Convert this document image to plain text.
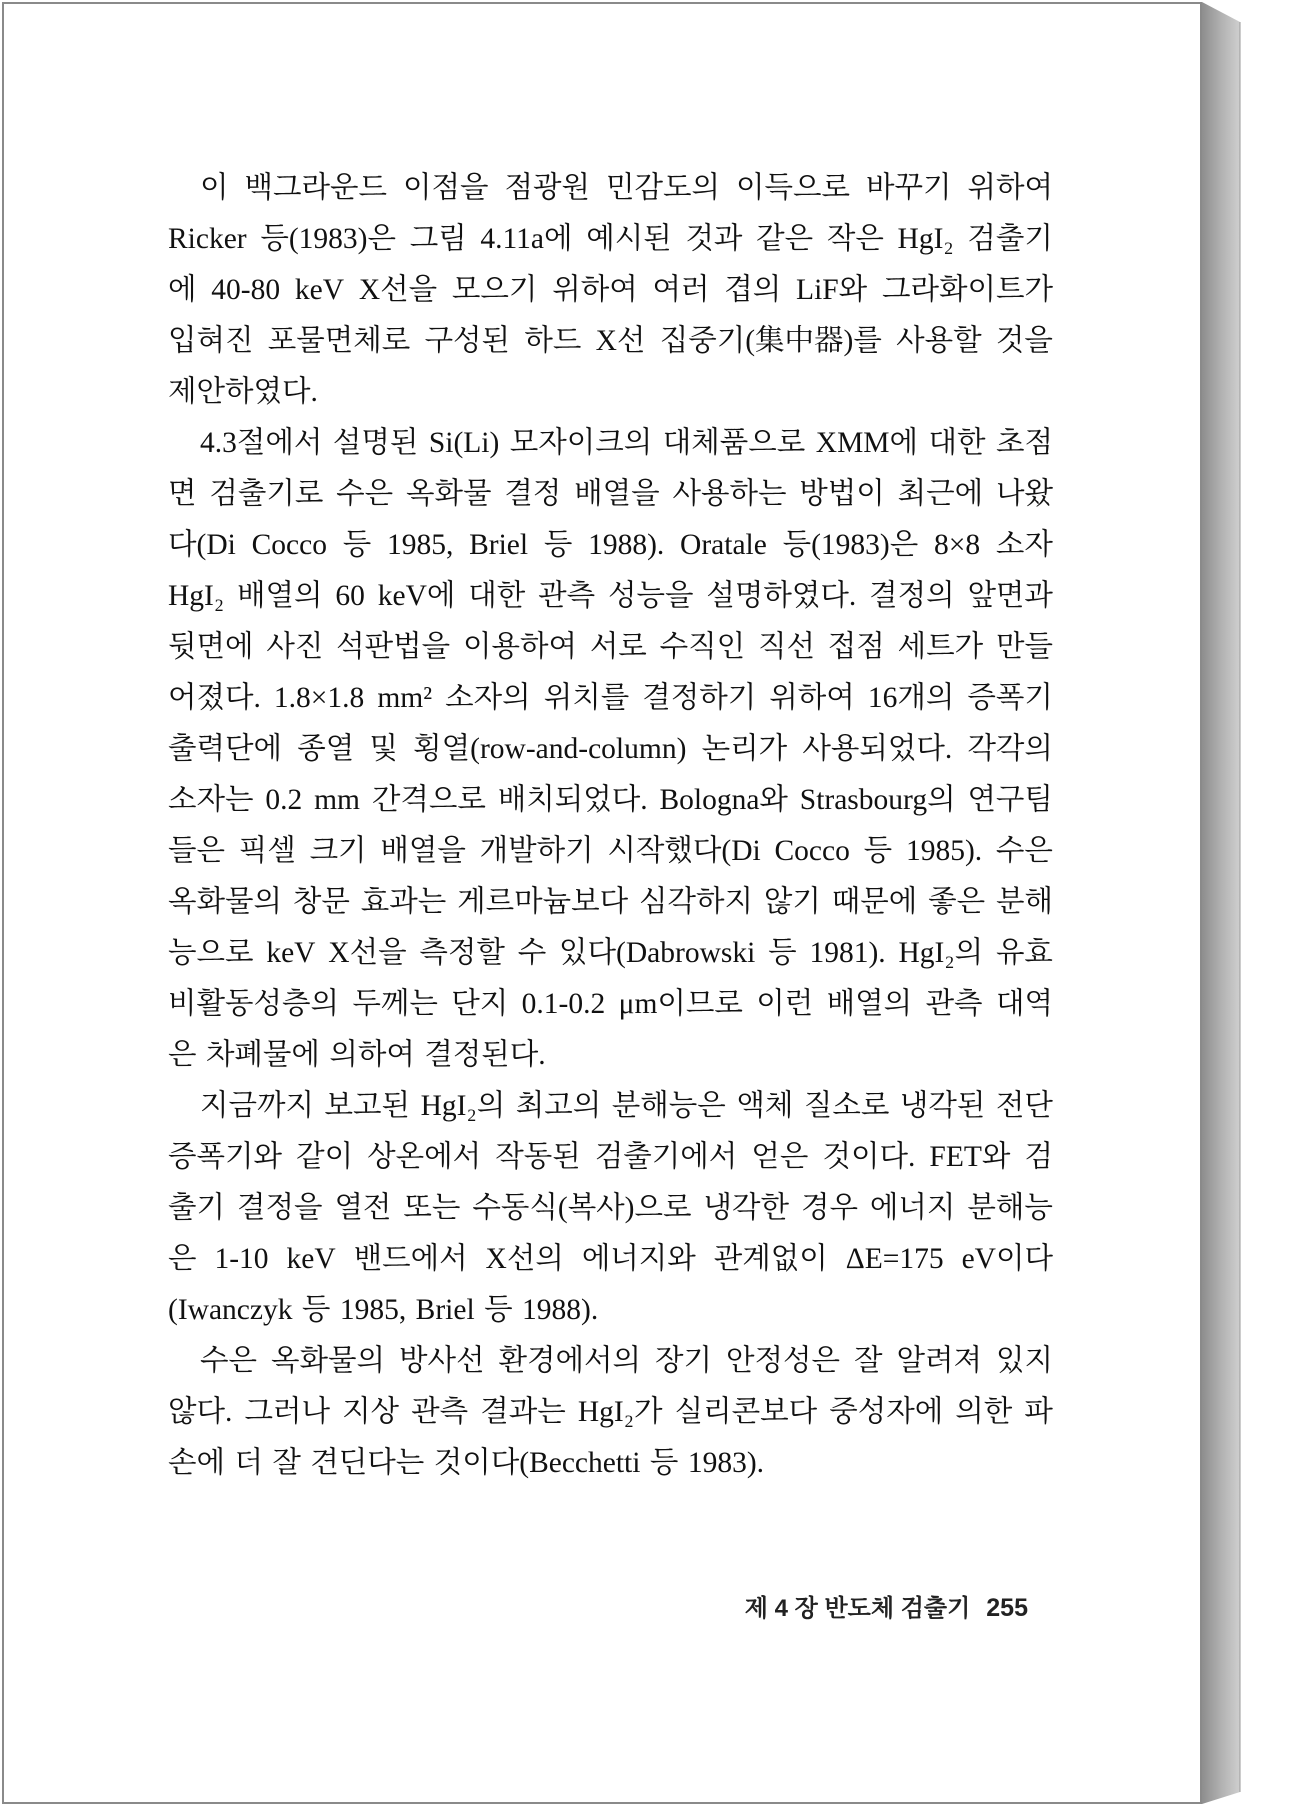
이 백그라운드 이점을 점광원 민감도의 이득으로 바꾸기 위하여
Ricker 등(1983)은 그림 4.11a에 예시된 것과 같은 작은 HgI₂ 검출기
에 40-80 keV X선을 모으기 위하여 여러 겹의 LiF와 그라화이트가
입혀진 포물면체로 구성된 하드 X선 집중기(集中器)를 사용할 것을
제안하였다.
4.3절에서 설명된 Si(Li) 모자이크의 대체품으로 XMM에 대한 초점
면 검출기로 수은 옥화물 결정 배열을 사용하는 방법이 최근에 나왔
다(Di Cocco 등 1985, Briel 등 1988). Oratale 등(1983)은 8×8 소자
HgI₂ 배열의 60 keV에 대한 관측 성능을 설명하였다. 결정의 앞면과
뒷면에 사진 석판법을 이용하여 서로 수직인 직선 접점 세트가 만들
어졌다. 1.8×1.8 mm² 소자의 위치를 결정하기 위하여 16개의 증폭기
출력단에 종열 및 횡열(row-and-column) 논리가 사용되었다. 각각의
소자는 0.2 mm 간격으로 배치되었다. Bologna와 Strasbourg의 연구팀
들은 픽셀 크기 배열을 개발하기 시작했다(Di Cocco 등 1985). 수은
옥화물의 창문 효과는 게르마늄보다 심각하지 않기 때문에 좋은 분해
능으로 keV X선을 측정할 수 있다(Dabrowski 등 1981). HgI₂의 유효
비활동성층의 두께는 단지 0.1-0.2 μm이므로 이런 배열의 관측 대역
은 차폐물에 의하여 결정된다.
지금까지 보고된 HgI₂의 최고의 분해능은 액체 질소로 냉각된 전단
증폭기와 같이 상온에서 작동된 검출기에서 얻은 것이다. FET와 검
출기 결정을 열전 또는 수동식(복사)으로 냉각한 경우 에너지 분해능
은 1-10 keV 밴드에서 X선의 에너지와 관계없이 ΔE=175 eV이다
(Iwanczyk 등 1985, Briel 등 1988).
수은 옥화물의 방사선 환경에서의 장기 안정성은 잘 알려져 있지
않다. 그러나 지상 관측 결과는 HgI₂가 실리콘보다 중성자에 의한 파
손에 더 잘 견딘다는 것이다(Becchetti 등 1983).
제 4 장 반도체 검출기 255
